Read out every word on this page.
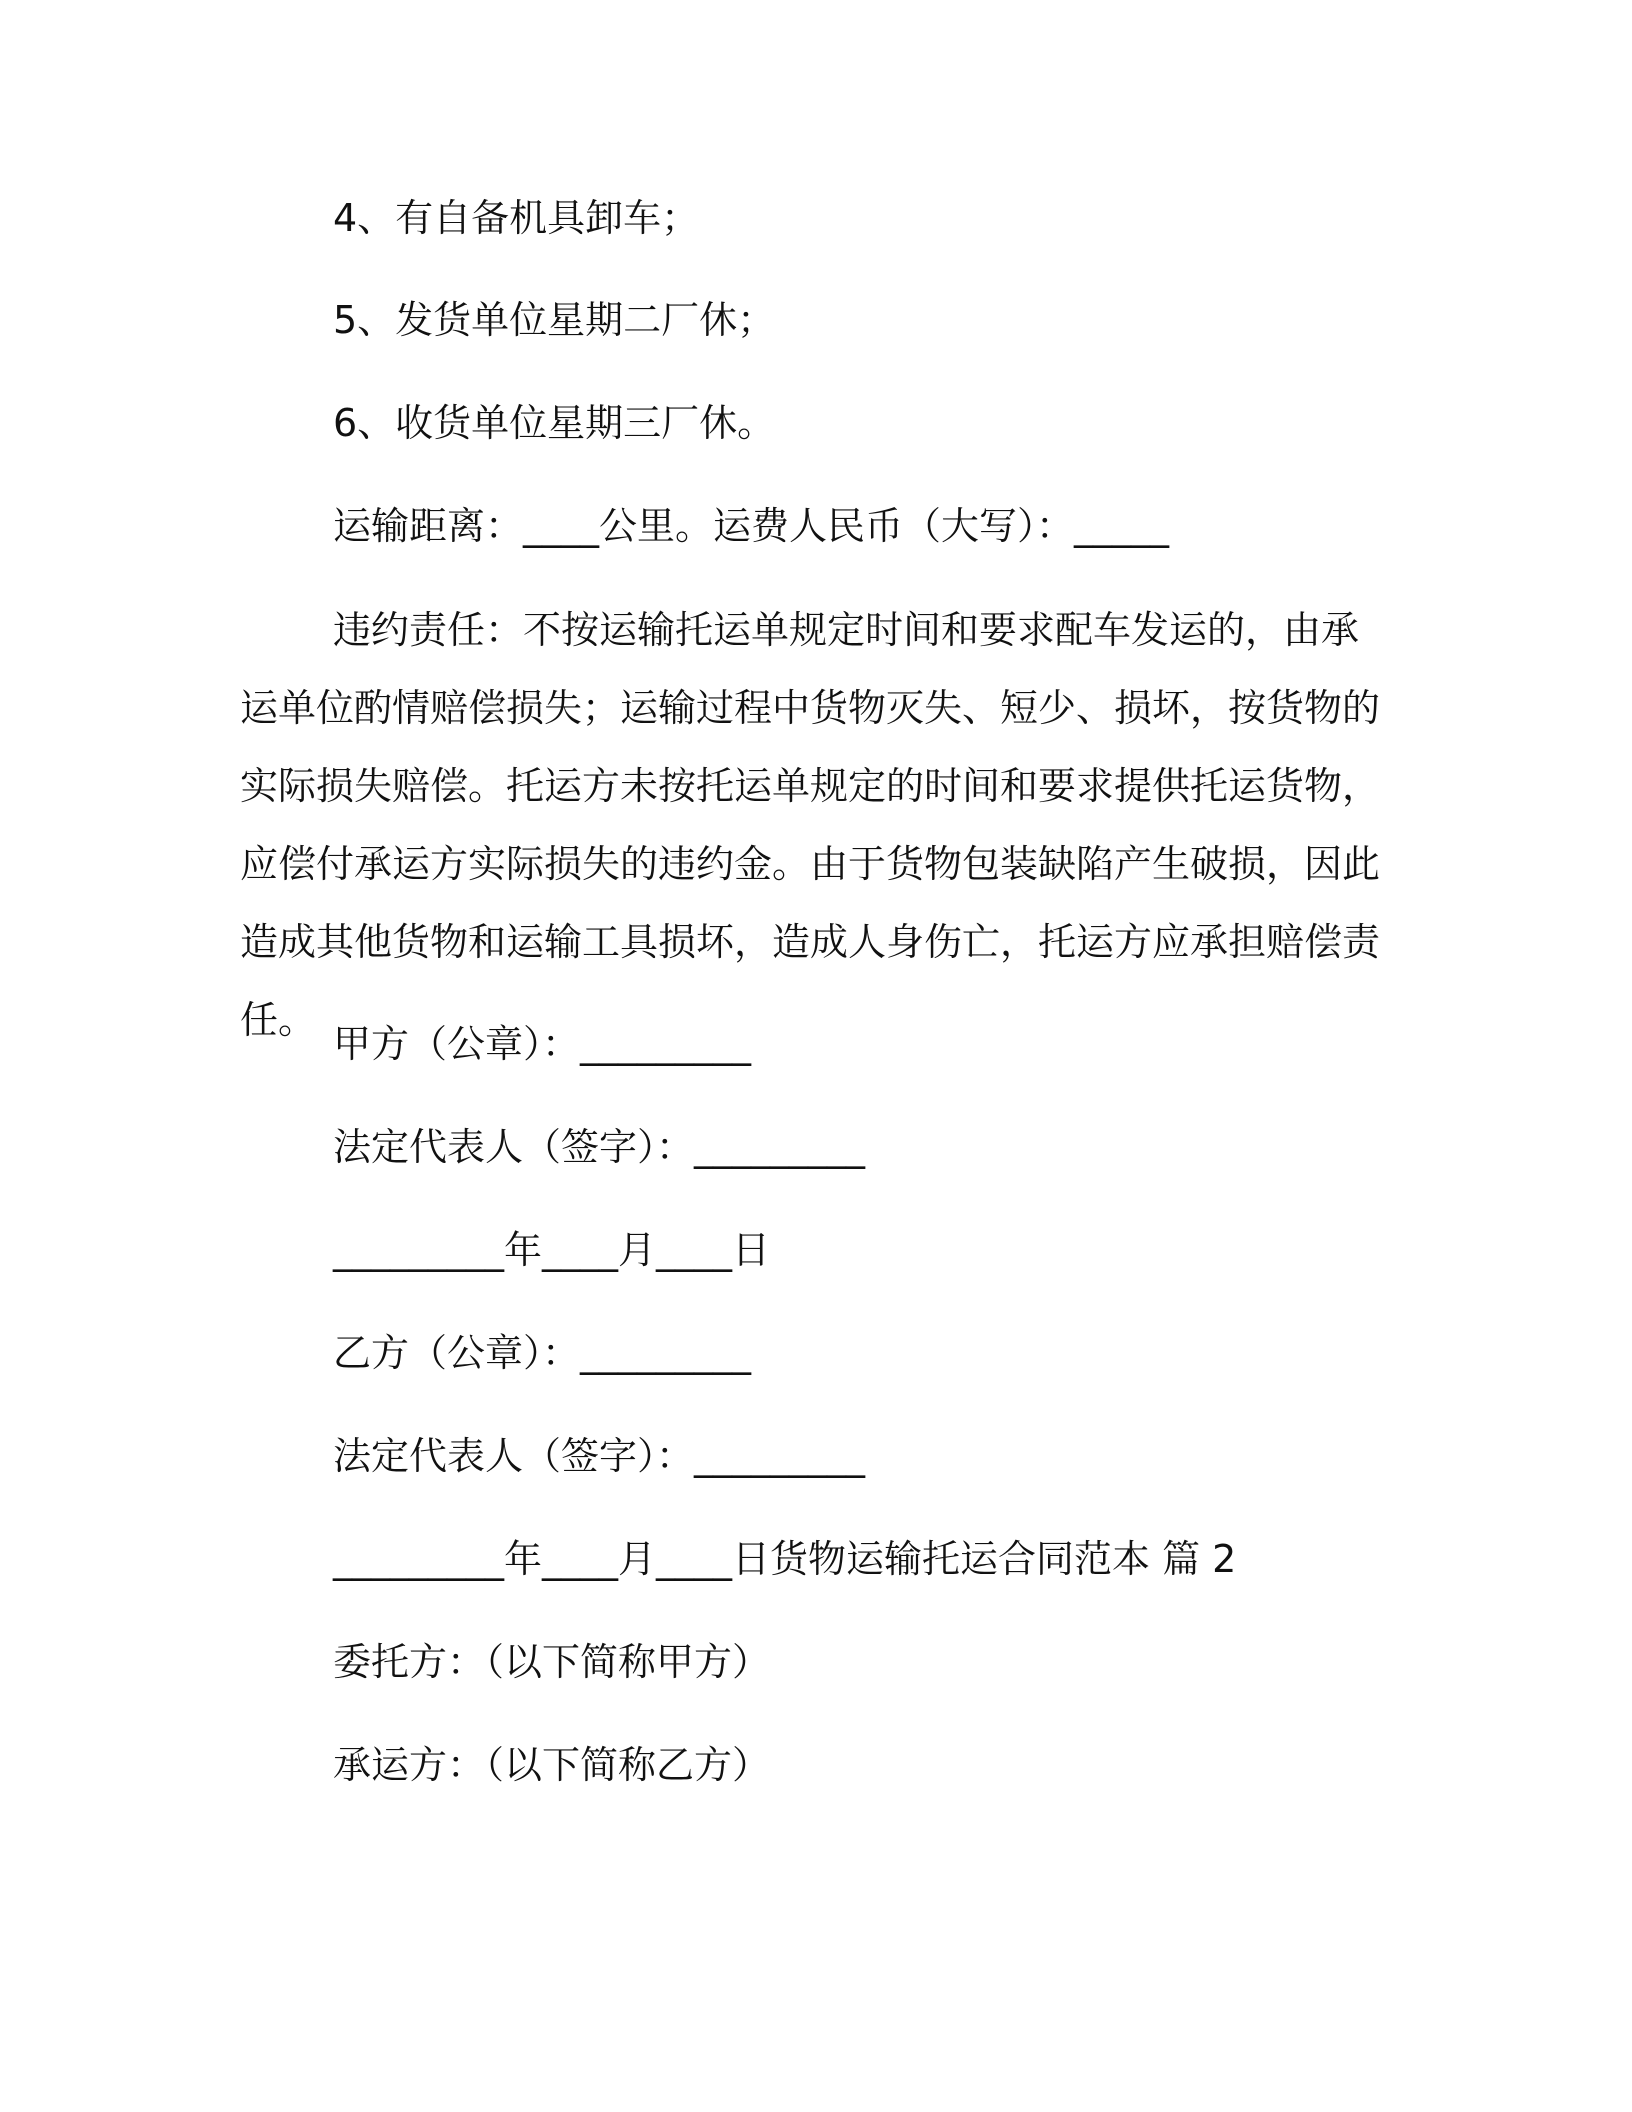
4、有自备机具卸车；
5、发货单位星期二厂休；
6、收货单位星期三厂休。
运输距离：____公里。运费人民币（大写）：_____
违约责任：不按运输托运单规定时间和要求配车发运的，由承运单位酌情赔偿损失；运输过程中货物灭失、短少、损坏，按货物的实际损失赔偿。托运方未按托运单规定的时间和要求提供托运货物，应偿付承运方实际损失的违约金。由于货物包装缺陷产生破损，因此造成其他货物和运输工具损坏，造成人身伤亡，托运方应承担赔偿责任。
甲方（公章）：_________
法定代表人（签字）：_________
_________年____月____日
乙方（公章）：_________
法定代表人（签字）：_________
_________年____月____日货物运输托运合同范本 篇 2
委托方：（以下简称甲方）
承运方：（以下简称乙方）
